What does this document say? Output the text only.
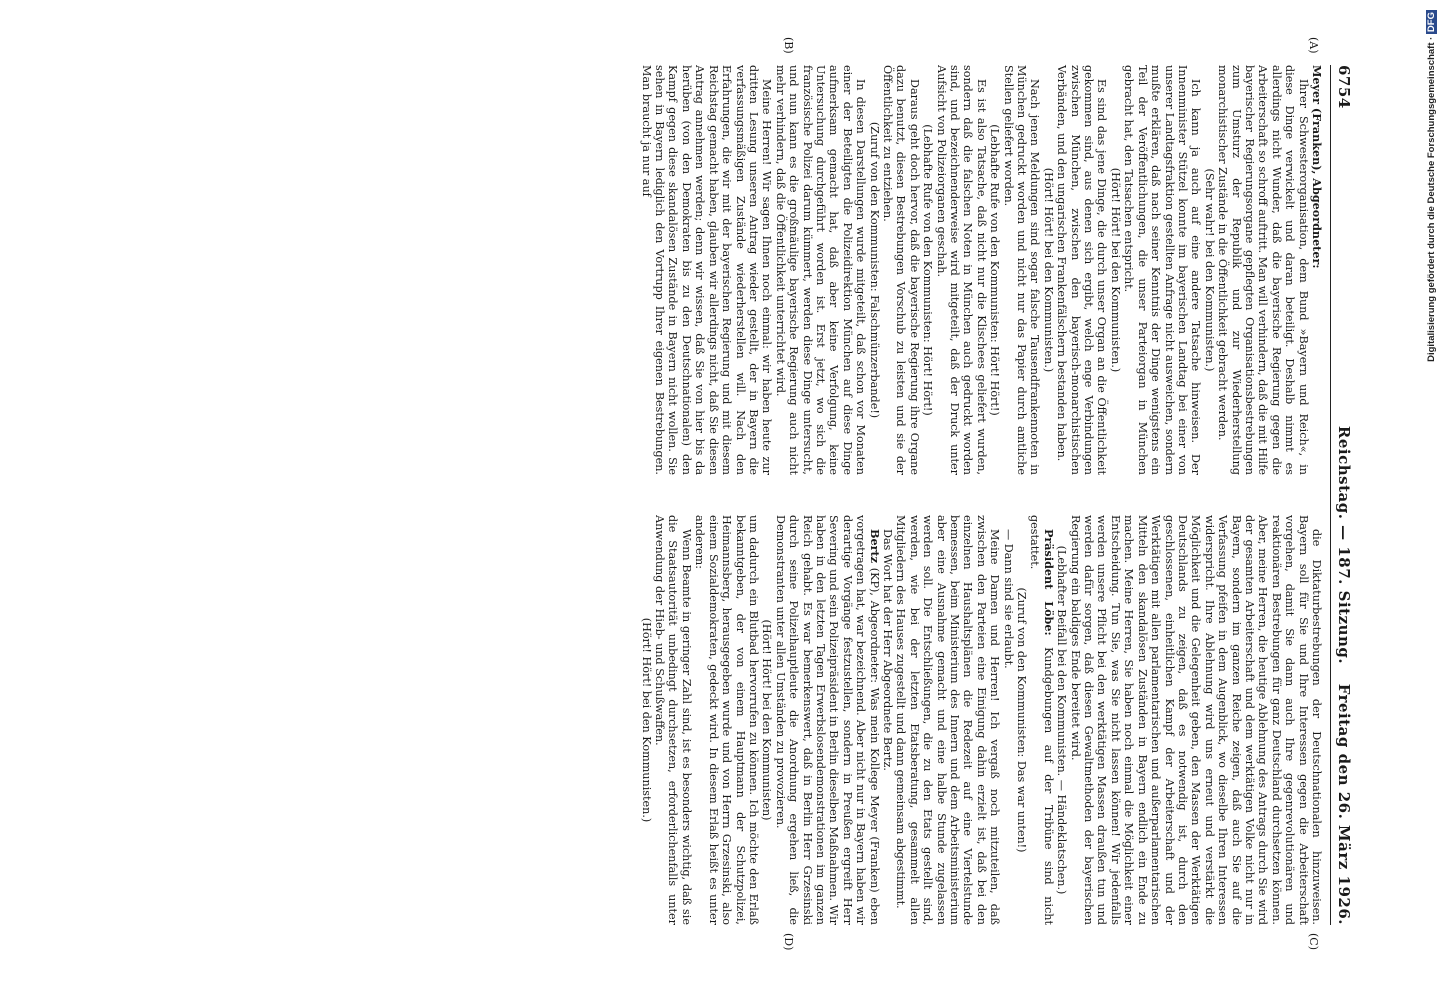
6754
Reichstag. — 187. Sitzung.
Freitag den 26. März 1926.
(A)
(B)
(C)
(D)

Meyer (Franken), Abgeordneter:

Ihrer Schwesterorganisation, dem Bund »Bayern und Reich«, in diese Dinge verwickelt und daran beteiligt. Deshalb nimmt es allerdings nicht Wunder, daß die bayerische Regierung gegen die Arbeiterschaft so schroff auftritt. Man will verhindern, daß die mit Hilfe bayerischer Regierungsorgane gepflegten Organisationsbestrebungen zum Umsturz der Republik und zur Wiederherstellung monarchistischer Zustände in die Öffentlichkeit gebracht werden.

(Sehr wahr! bei den Kommunisten.)

Ich kann ja auch auf eine andere Tatsache hinweisen. Der Innenminister Stützel konnte im bayerischen Landtag bei einer von unserer Landtagsfraktion gestellten Anfrage nicht ausweichen, sondern mußte erklären, daß nach seiner Kenntnis der Dinge wenigstens ein Teil der Veröffentlichungen, die unser Parteiorgan in München gebracht hat, den Tatsachen entspricht.

(Hört! Hört! bei den Kommunisten.)

Es sind das jene Dinge, die durch unser Organ an die Öffentlichkeit gekommen sind, aus denen sich ergibt, welch enge Verbindungen zwischen München, zwischen den bayerisch-monarchistischen Verbänden, und den ungarischen Frankenfälschern bestanden haben.

(Hört! Hört! bei den Kommunisten.)

Nach jenen Meldungen sind sogar falsche Tausendfrankennoten in München gedruckt worden und nicht nur das Papier durch amtliche Stellen geliefert worden.

(Lebhafte Rufe von den Kommunisten: Hört! Hört!)

Es ist also Tatsache, daß nicht nur die Klischees geliefert wurden, sondern daß die falschen Noten in München auch gedruckt worden sind, und bezeichnenderweise wird mitgeteilt, daß der Druck unter Aufsicht von Polizeiorganen geschah.

(Lebhafte Rufe von den Kommunisten: Hört! Hört!)

Daraus geht doch hervor, daß die bayerische Regierung ihre Organe dazu benutzt, diesen Bestrebungen Vorschub zu leisten und sie der Öffentlichkeit zu entziehen.

(Zuruf von den Kommunisten: Falschmünzerbande!)

In diesen Darstellungen wurde mitgeteilt, daß schon vor Monaten einer der Beteiligten die Polizeidirektion München auf diese Dinge aufmerksam gemacht hat, daß aber keine Verfolgung, keine Untersuchung durchgeführt worden ist. Erst jetzt, wo sich die französische Polizei darum kümmert, werden diese Dinge untersucht, und nun kann es die großmäulige bayerische Regierung auch nicht mehr verhindern, daß die Öffentlichkeit unterrichtet wird.

Meine Herren! Wir sagen Ihnen noch einmal: wir haben heute zur dritten Lesung unseren Antrag wieder gestellt, der in Bayern die verfassungsmäßigen Zustände wiederherstellen will. Nach den Erfahrungen, die wir mit der bayerischen Regierung und mit diesem Reichstag gemacht haben, glauben wir allerdings nicht, daß Sie diesen Antrag annehmen werden; denn wir wissen, daß Sie von hier bis da herüben (von den Demokraten bis zu den Deutschnationalen) den Kampf gegen diese skandalösen Zustände in Bayern nicht wollen. Sie sehen in Bayern lediglich den Vortrupp Ihrer eigenen Bestrebungen. Man braucht ja nur auf

die Diktaturbestrebungen der Deutschnationalen hinzuweisen. Bayern soll für Sie und Ihre Interessen gegen die Arbeiterschaft vorgehen, damit Sie dann auch Ihre gegenrevolutionären und reaktionären Bestrebungen für ganz Deutschland durchsetzen können. Aber, meine Herren, die heutige Ablehnung des Antrags durch Sie wird der gesamten Arbeiterschaft und dem werktätigen Volke nicht nur in Bayern, sondern im ganzen Reiche zeigen, daß auch Sie auf die Verfassung pfeifen in dem Augenblick, wo dieselbe Ihren Interessen widerspricht. Ihre Ablehnung wird uns erneut und verstärkt die Möglichkeit und die Gelegenheit geben, den Massen der Werktätigen Deutschlands zu zeigen, daß es notwendig ist, durch den geschlossenen, einheitlichen Kampf der Arbeiterschaft und der Werktätigen mit allen parlamentarischen und außerparlamentarischen Mitteln den skandalösen Zuständen in Bayern endlich ein Ende zu machen. Meine Herren, Sie haben noch einmal die Möglichkeit einer Entscheidung. Tun Sie, was Sie nicht lassen können! Wir jedenfalls werden unsere Pflicht bei den werktätigen Massen draußen tun und werden dafür sorgen, daß diesen Gewaltmethoden der bayerischen Regierung ein baldiges Ende bereitet wird.

(Lebhafter Beifall bei den Kommunisten. — Händeklatschen.)

Präsident Löbe: Kundgebungen auf der Tribüne sind nicht gestattet.

(Zuruf von den Kommunisten: Das war unten!)

— Dann sind sie erlaubt.

Meine Damen und Herren! Ich vergaß noch mitzuteilen, daß zwischen den Parteien eine Einigung dahin erzielt ist, daß bei den einzelnen Haushaltsplänen die Redezeit auf eine Viertelstunde bemessen, beim Ministerium des Innern und dem Arbeitsministerium aber eine Ausnahme gemacht und eine halbe Stunde zugelassen werden soll. Die Entschließungen, die zu den Etats gestellt sind, werden, wie bei der letzten Etatsberatung, gesammelt allen Mitgliedern des Hauses zugestellt und dann gemeinsam abgestimmt.

Das Wort hat der Herr Abgeordnete Bertz.

Bertz (KP), Abgeordneter: Was mein Kollege Meyer (Franken) eben vorgetragen hat, war bezeichnend. Aber nicht nur in Bayern haben wir derartige Vorgänge festzustellen, sondern in Preußen ergreift Herr Severing und sein Polizeipräsident in Berlin dieselben Maßnahmen. Wir haben in den letzten Tagen Erwerbslosendemonstrationen im ganzen Reich gehabt. Es war bemerkenswert, daß in Berlin Herr Grzesinski durch seine Polizeihauptleute die Anordnung ergehen ließ, die Demonstranten unter allen Umständen zu provozieren.

(Hört! Hört! bei den Kommunisten)

um dadurch ein Blutbad hervorrufen zu können. Ich möchte den Erlaß bekanntgeben, der von einem Hauptmann der Schutzpolizei, Heimannsberg, herausgegeben wurde und von Herrn Grzesinski, also einem Sozialdemokraten, gedeckt wird. In diesem Erlaß heißt es unter anderem:

Wenn Beamte in geringer Zahl sind, ist es besonders wichtig, daß sie die Staatsautorität unbedingt durchsetzen, erforderlichenfalls unter Anwendung der Hieb- und Schußwaffen.

(Hört! Hört! bei den Kommunisten.)

Digitalisierung gefördert durch die Deutsche Forschungsgemeinschaft · DFG
